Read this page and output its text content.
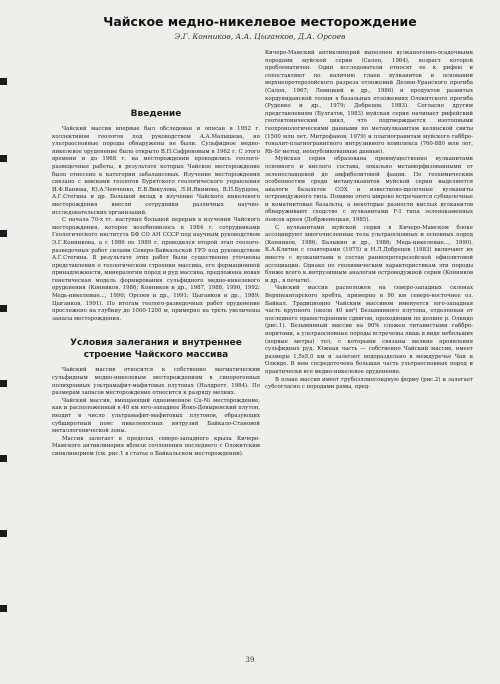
Чайское медно-никелевое месторождение
Э.Г. Конников, А.А. Цыганков, Д.А. Орсоев
Введение

Чайский массив впервые был обследован и описан в 1952 г. коллективом геологов под руководством А.А.Малышева, но ультраосновные породы обнаружены не были. Сульфидное медно-никелевое оруденение было открыто В.П.Сафроновым в 1962 г. С этого времени и до 1968 г. на месторождении проводились геолого-разведочные работы, в результате которых Чайское месторождение было отнесено к категории забалансовых. Изучение месторождения связано с именами геологов Бурятского геологического управления И.Ф.Ванюка, Ю.А.Ченченко, Е.В.Викулова, Л.И.Якимова, В.П.Бурцева, А.Г.Стегина и др. Большой вклад в изучение Чайского никелевого месторождения внесли сотрудники различных научно-исследовательских организаций.

С начала 70-х гг. наступил большой перерыв в изучении Чайского месторождения, которое возобновилось в 1984 г. сотрудниками Геологического института БФ СО АН СССР под научным руководством Э.Г.Конникова, а с 1986 по 1989 г. проводился второй этап геолого-разведочных работ силами Северо-Байкальской ГРЭ под руководством А.Г.Стегина. В результате этих работ были существенно уточнены представления о геологическом строении массива, его формационной принадлежности, минералогии пород и руд массива, предложена новая генетическая модель формирования сульфидного медно-никелевого оруденения (Конников, 1986; Конников и др., 1987, 1988, 1990, 1992; Медь-никелевые..., 1990; Орсоев и др., 1991; Цыганков и др., 1989; Цыганков, 1991). По итогам геолого-разведочных работ оруденение прослежено на глубину до 1000-1200 м, примерно на треть увеличены запасы месторождения.

Условия залегания и внутреннее строение Чайского массива

Чайский массив относится к собственно магматическим сульфидным медно-никелевым месторождениям в синорогенных полихронных ультрамафит-мафитовых плутонах (Налдретт, 1984). По размерам запасов месторождение относится к разряду мелких.

Чайский массив, вмещающий одноименное Cu-Ni месторождение, как и расположенный в 40 км юго-западнее Йоко-Довыренский плутон, входит в число ультрамафит-мафитовых плутонов, образующих субширотный пояс никеленосных интрузий Байкало-Становой металлогенической зоны.

Массив залегает в пределах северо-западного крыла Кичеро-Мамского антиклинория вблизи сочленения последнего с Олокитским синклинорием (см. рис.1 в статье о Байкальском месторождении).

Кичеро-Мамский антиклинорий выполнен вулканогенно-осадочными породами муйской серии (Салоп, 1964), возраст которой проблематичен. Один исследователи относят ее к рифею и сопоставляют по наличию глаен вулканитов и основании верхнепротерозойского разреза отложений Делюн-Уранского прогиба (Салоп, 1967; Левицкий и др., 1986) и продуктов развитых кордуяиданской толщи в базальных отложениях Олокитского прогиба (Руденко и др., 1979; Добрецов, 1983). Согласно другим представлениям (Булгатов, 1983) муйская серия начинает рифейский геотектонический цикл, что подтверждается изотопными геохронологическими данными по метавулканитам келянской свиты (1500 млн лет, Митрофанов, 1979) и плагиогранитам муйского габбро-тоналит-плагиогранитного интрузивного комплекса (760-880 млн лет, Rb-Sr метод, неопубликованные данные).

Муйская серия образована преимущественно вулканитами основного и кислого состава, локально метаморфизованными от зеленосланцевой до амфиболитовой фации. По геохимическим особенностям среди метавулканитов муйской серии выделяются аналоги базальтов СОХ и известково-щелочные вулканиты островодужного типа. Помимо этого широко встречаются субщелочные и коматиитовые базальты, а некоторые разности кислых вулканитов обнаруживают сходство с вулканитами F-I типа зеленокаменных поясов архея (Добрженецкая, 1985).

С вулканитами муйской серии в Кичеро-Мамском блоке ассоциируют многочисленные тела ультраосновных и основных пород (Конников, 1986; Балыкин и др., 1986; Медь-никелевые..., 1990). К.А.Клитин с соавторами (1975) и Н.Л.Добрецов (1983) включают их вместе с вулканитами в состав раннепротерозойской офиолитовой ассоциации. Однако по геохимическим характеристикам эти породы ближе всего к интрузивным аналогам островодужной серии (Конников и др., в печати).

Чайский массив расположен на северо-западных склонах Верхнеангарского хребта, примерно в 90 км северо-восточнее оз. Байкал. Традиционно Чайским массивом именуется юго-западная часть крупного (около 40 км²) Безымянного плутона, отделенная от последнего правосторонним сдвигом, проходящим по долине р. Олкидо (рис.1). Безымянный массив на 90% сложен титанистыми габбро-норитами, а ультраосновные породы встречены лишь в виде небольших (первые метры) тел, с которыми связаны мелкие проявления сульфидных руд. Южная часть — собственно Чайский массив, имеет размеры 1,5х5,0 км и залегает водораздельно в междуречье Чаи и Олкидо. В нем сосредоточена большая часть ультраосновных пород и практически все медно-никелевое оруденение.

В плане массив имеет грубоэллипсоидную форму (рис.2) и залегает субсогласно с породами рамы, пред-

39
